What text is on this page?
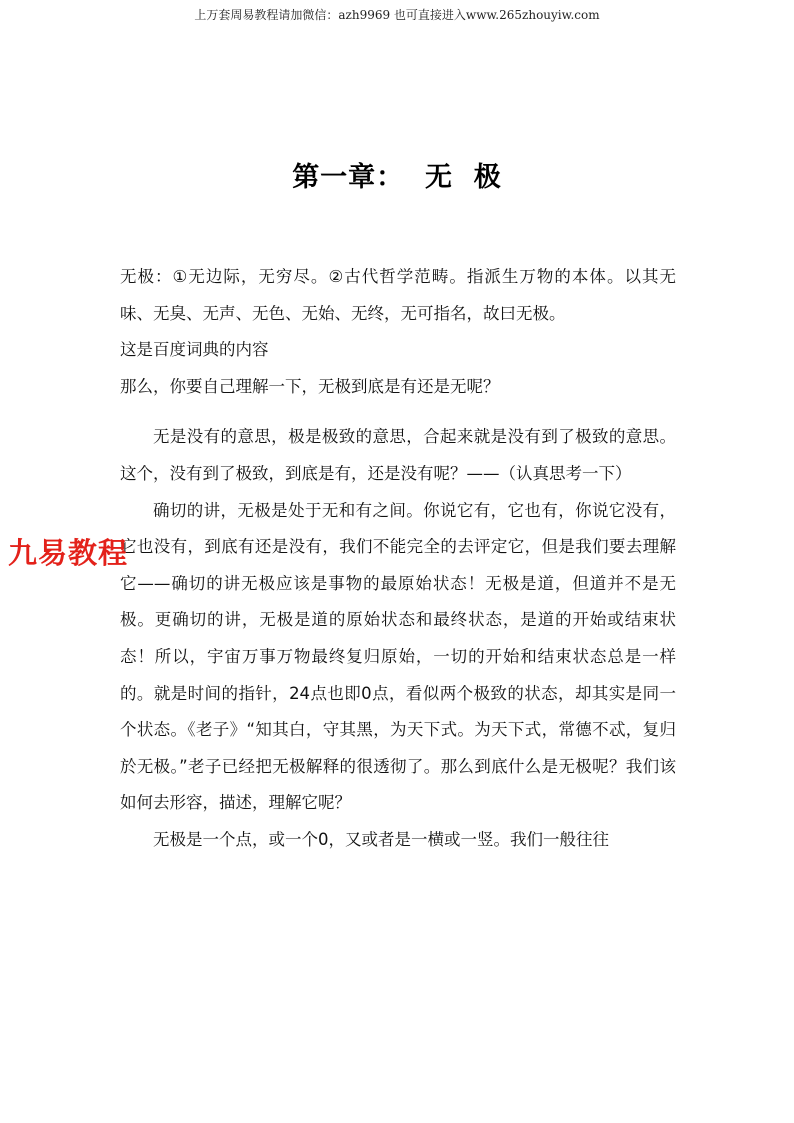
上万套周易教程请加微信：azh9969 也可直接进入www.265zhouyiw.com
第一章：  无  极

无极：①无边际，无穷尽。②古代哲学范畴。指派生万物的本体。以其无味、无臭、无声、无色、无始、无终，无可指名，故曰无极。

这是百度词典的内容

那么，你要自己理解一下，无极到底是有还是无呢？

无是没有的意思，极是极致的意思，合起来就是没有到了极致的意思。这个，没有到了极致，到底是有，还是没有呢？——（认真思考一下）

确切的讲，无极是处于无和有之间。你说它有，它也有，你说它没有，它也没有，到底有还是没有，我们不能完全的去评定它，但是我们要去理解它——确切的讲无极应该是事物的最原始状态！无极是道，但道并不是无极。更确切的讲，无极是道的原始状态和最终状态，是道的开始或结束状态！所以，宇宙万事万物最终复归原始，一切的开始和结束状态总是一样的。就是时间的指针，24点也即0点，看似两个极致的状态，却其实是同一个状态。《老子》“知其白，守其黑，为天下式。为天下式，常德不忒，复归於无极。”老子已经把无极解释的很透彻了。那么到底什么是无极呢？我们该如何去形容，描述，理解它呢？

无极是一个点，或一个0，又或者是一横或一竖。我们一般往往

九易教程
